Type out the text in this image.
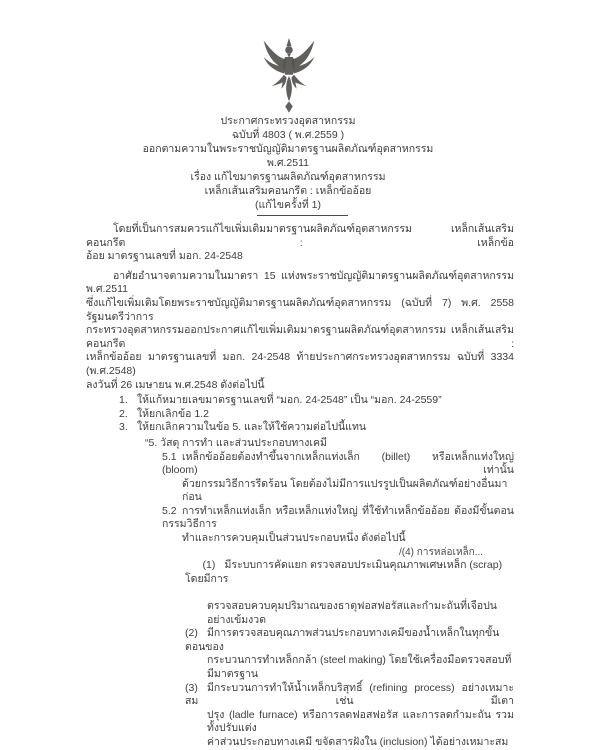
ประกาศกระทรวงอุตสาหกรรม
ฉบับที่ 4803 ( พ.ศ.2559 )
ออกตามความในพระราชบัญญัติมาตรฐานผลิตภัณฑ์อุตสาหกรรม
พ.ศ.2511
เรื่อง แก้ไขมาตรฐานผลิตภัณฑ์อุตสาหกรรม
เหล็กเส้นเสริมคอนกรีต : เหล็กข้ออ้อย
(แก้ไขครั้งที่ 1)
โดยที่เป็นการสมควรแก้ไขเพิ่มเติมมาตรฐานผลิตภัณฑ์อุตสาหกรรม เหล็กเส้นเสริมคอนกรีต : เหล็กข้อ
อ้อย มาตรฐานเลขที่ มอก. 24-2548
อาศัยอำนาจตามความในมาตรา 15 แห่งพระราชบัญญัติมาตรฐานผลิตภัณฑ์อุตสาหกรรม พ.ศ.2511
ซึ่งแก้ไขเพิ่มเติมโดยพระราชบัญญัติมาตรฐานผลิตภัณฑ์อุตสาหกรรม (ฉบับที่ 7) พ.ศ. 2558 รัฐมนตรีว่าการ
กระทรวงอุตสาหกรรมออกประกาศแก้ไขเพิ่มเติมมาตรฐานผลิตภัณฑ์อุตสาหกรรม เหล็กเส้นเสริมคอนกรีต :
เหล็กข้ออ้อย มาตรฐานเลขที่ มอก. 24-2548 ท้ายประกาศกระทรวงอุตสาหกรรม ฉบับที่ 3334 (พ.ศ.2548)
ลงวันที่ 26 เมษายน พ.ศ.2548 ดังต่อไปนี้
1. ให้แก้หมายเลขมาตรฐานเลขที่ “มอก. 24-2548” เป็น “มอก. 24-2559”
2. ให้ยกเลิกข้อ 1.2
3. ให้ยกเลิกความในข้อ 5. และให้ใช้ความต่อไปนี้แทน
“5. วัสดุ การทำ และส่วนประกอบทางเคมี
5.1 เหล็กข้ออ้อยต้องทำขึ้นจากเหล็กแท่งเล็ก (billet) หรือเหล็กแท่งใหญ่ (bloom) เท่านั้น
ด้วยกรรมวิธีการรีดร้อน โดยต้องไม่มีการแปรรูปเป็นผลิตภัณฑ์อย่างอื่นมาก่อน
5.2 การทำเหล็กแท่งเล็ก หรือเหล็กแท่งใหญ่ ที่ใช้ทำเหล็กข้ออ้อย ต้องมีขั้นตอนกรรมวิธีการ
ทำและการควบคุมเป็นส่วนประกอบหนึ่ง ดังต่อไปนี้

(1) มีระบบการคัดแยก ตรวจสอบประเมินคุณภาพเศษเหล็ก (scrap)        โดยมีการ

ตรวจสอบควบคุมปริมาณของธาตุฟอสฟอรัสและกำมะถันที่เจือปนอย่างเข้มงวด
(2) มีการตรวจสอบคุณภาพส่วนประกอบทางเคมีของน้ำเหล็กในทุกขั้นตอนของ
กระบวนการทำเหล็กกล้า (steel making) โดยใช้เครื่องมือตรวจสอบที่มีมาตรฐาน
(3) มีกระบวนการทำให้น้ำเหล็กบริสุทธิ์ (refining process) อย่างเหมาะสม เช่น มีเตา
ปรุง (ladle furnace) หรือการลดฟอสฟอรัส และการลดกำมะถัน รวมทั้งปรับแต่ง
ค่าส่วนประกอบทางเคมี ขจัดสารฝังใน (inclusion) ได้อย่างเหมาะสม
/(4) การหล่อเหล็ก...
